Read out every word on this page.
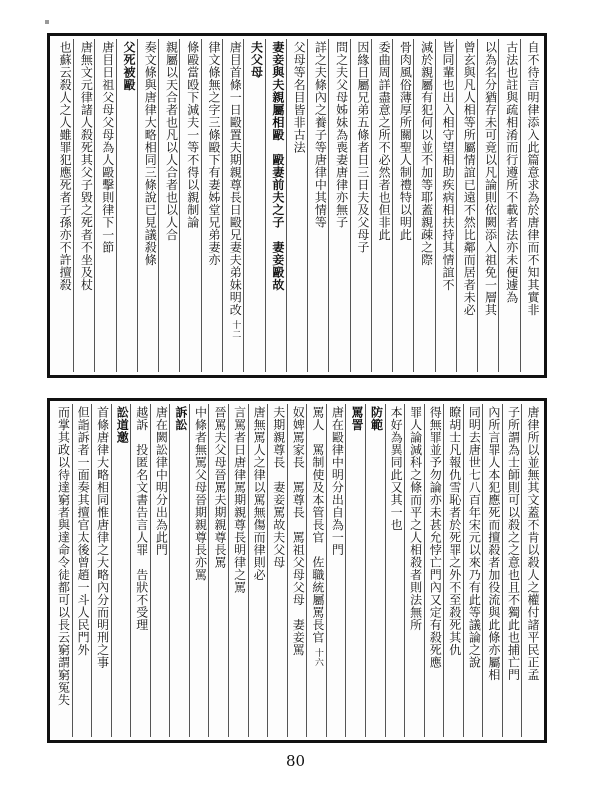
自不待言明律添入此篇意求為於唐律而不知其實非
古法也註與疏相淆而行遵所不載者法亦未便遽為
以為名分猶存未可竟以凡論則依闕添入祖免一層其
曾玄與凡人相等所屬情誼已遠不然比鄰而居者未必
皆同輩也出入相守望相助疾病相扶持其情誼不
減於親屬有犯何以並不加等耶蓋親疎之際
骨肉風俗薄厚所關聖人制禮特以明此
委曲周詳盡意之所不必然者也但非此
因緣日屬兄弟五條者日三日夫及父母子
問之夫父母姊妹為喪妻唐律亦無子
詳之夫條內之養子等唐律中其情等
父母等名目皆非古法
妻妾與夫親屬相毆　毆妻前夫之子　妻妾毆故
夫父母
唐目首條一日毆置夫期親尊長日毆兄妻夫弟妹明改十二
律文條無之字三條毆下有妻姊堂兄弟妻亦
條毆當殴下減夫一等不得以親制論
親屬以天合者也凡以人合者也以人合
奏文條與唐律大略相同三條說已見議殺條
父死被毆
唐目日祖父母父母為人毆擊則律下一節
唐無文元律諸人殺死其父子毀之死者不坐及杖
也蘇云殺人之人雖罪犯應死者子孫亦不許擅殺
唐律所以並無其文蓋不肯以殺人之權付諸平民正孟
子所謂為士師則可以殺之之意也且不獨此也捕亡門
內所言罪人本犯應死而擅殺者加役流與此條亦屬相
同明去唐世七八百年宋元以來乃有此等議論之說
瞭胡士凡報仇雪恥者於死罪之外不至殺死其仇
得無罪並予勿論亦未甚允悖亡門內又定有殺死應
罪人論減科之條而平之人相殺者則法無所
本好為異同此又其一也
防範
罵詈
唐在毆律中明分出自為一門
罵人　罵制使及本管長官　佐職統屬罵長官十六
奴婢罵家長　罵尊長　罵祖父母父母　妻妾罵
夫期親尊長　妻妾罵故夫父母
唐無罵人之律以罵無傷而律則必
言罵者日唐律罵期親尊長明律之罵
晉罵夫父母晉罵夫期親尊長罵
中條者無罵父母晉期親尊長亦罵
訴訟
唐在闕訟律中明分出為此門
越訴　投匿名文書告言人罪　告狀不受理
訟道邀
首條唐律大略相同惟唐律之大略內分而明刑之事
但詣訴者一面奏其擅官太後曾趙一斗人民門外
而掌其政以待達窮者與達命令徒都可以長云窮謂窮冤失
80
